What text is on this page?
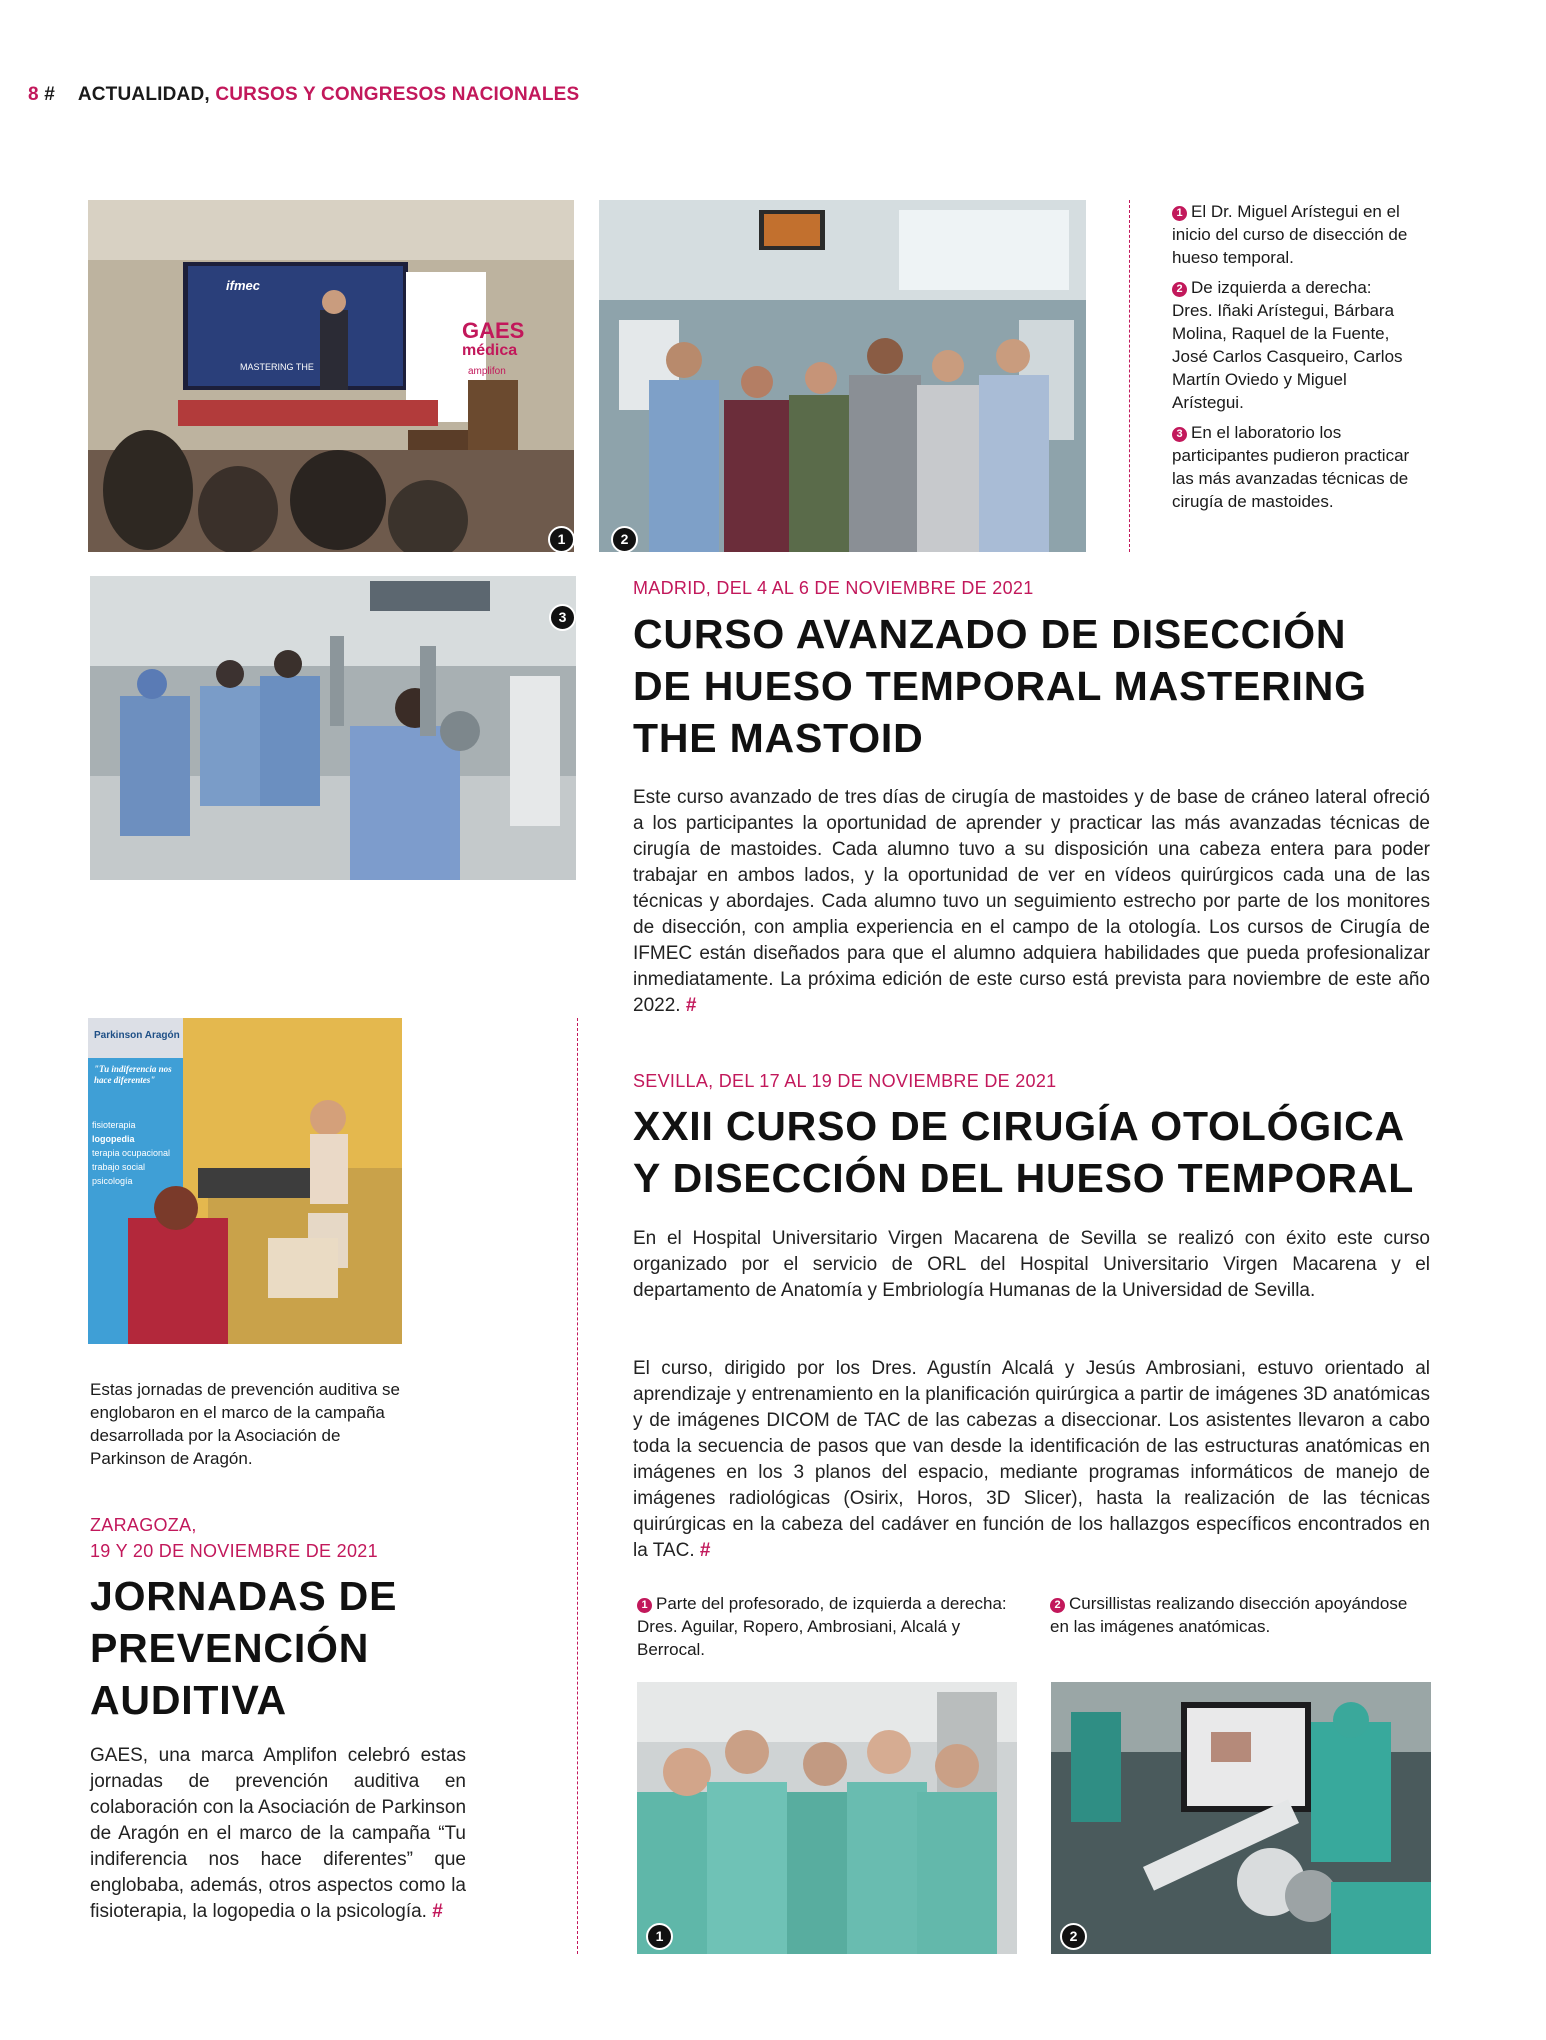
8 # ACTUALIDAD, CURSOS Y CONGRESOS NACIONALES
ifmec
MASTERING THE
GAES
médica
amplifon
1	2

1 El Dr. Miguel Arístegui en el inicio del curso de disección de hueso temporal.

2 De izquierda a derecha: Dres. Iñaki Arístegui, Bárbara Molina, Raquel de la Fuente, José Carlos Casqueiro, Carlos Martín Oviedo y Miguel Arístegui.

3 En el laboratorio los participantes pudieron practicar las más avanzadas técnicas de cirugía de mastoides.

3
MADRID, DEL 4 AL 6 DE NOVIEMBRE DE 2021
CURSO AVANZADO DE DISECCIÓN DE HUESO TEMPORAL MASTERING THE MASTOID
Este curso avanzado de tres días de cirugía de mastoides y de base de cráneo lateral ofreció a los participantes la oportunidad de aprender y practicar las más avanzadas técnicas de cirugía de mastoides. Cada alumno tuvo a su disposición una cabeza entera para poder trabajar en ambos lados, y la oportunidad de ver en vídeos quirúrgicos cada una de las técnicas y abordajes. Cada alumno tuvo un seguimiento estrecho por parte de los monitores de disección, con amplia experiencia en el campo de la otología. Los cursos de Cirugía de IFMEC están diseñados para que el alumno adquiera habilidades que pueda profesionalizar inmediatamente. La próxima edición de este curso está prevista para noviembre de este año 2022. #
Parkinson Aragón
"Tu indiferencia nos hace diferentes"
fisioterapia
logopedia
terapia ocupacional
trabajo social
psicología
Estas jornadas de prevención auditiva se englobaron en el marco de la campaña desarrollada por la Asociación de Parkinson de Aragón.
ZARAGOZA,
19 Y 20 DE NOVIEMBRE DE 2021
JORNADAS DE PREVENCIÓN AUDITIVA
GAES, una marca Amplifon celebró estas jornadas de prevención auditiva en colaboración con la Asociación de Parkinson de Aragón en el marco de la campaña “Tu indiferencia nos hace diferentes” que englobaba, además, otros aspectos como la fisioterapia, la logopedia o la psicología. #
SEVILLA, DEL 17 AL 19 DE NOVIEMBRE DE 2021
XXII CURSO DE CIRUGÍA OTOLÓGICA Y DISECCIÓN DEL HUESO TEMPORAL
En el Hospital Universitario Virgen Macarena de Sevilla se realizó con éxito este curso organizado por el servicio de ORL del Hospital Universitario Virgen Macarena y el departamento de Anatomía y Embriología Humanas de la Universidad de Sevilla.
El curso, dirigido por los Dres. Agustín Alcalá y Jesús Ambrosiani, estuvo orientado al aprendizaje y entrenamiento en la planificación quirúrgica a partir de imágenes 3D anatómicas y de imágenes DICOM de TAC de las cabezas a diseccionar. Los asistentes llevaron a cabo toda la secuencia de pasos que van desde la identificación de las estructuras anatómicas en imágenes en los 3 planos del espacio, mediante programas informáticos de manejo de imágenes radiológicas (Osirix, Horos, 3D Slicer), hasta la realización de las técnicas quirúrgicas en la cabeza del cadáver en función de los hallazgos específicos encontrados en la TAC. #
1 Parte del profesorado, de izquierda a derecha: Dres. Aguilar, Ropero, Ambrosiani, Alcalá y Berrocal.
2 Cursillistas realizando disección apoyándose en las imágenes anatómicas.
1	2
